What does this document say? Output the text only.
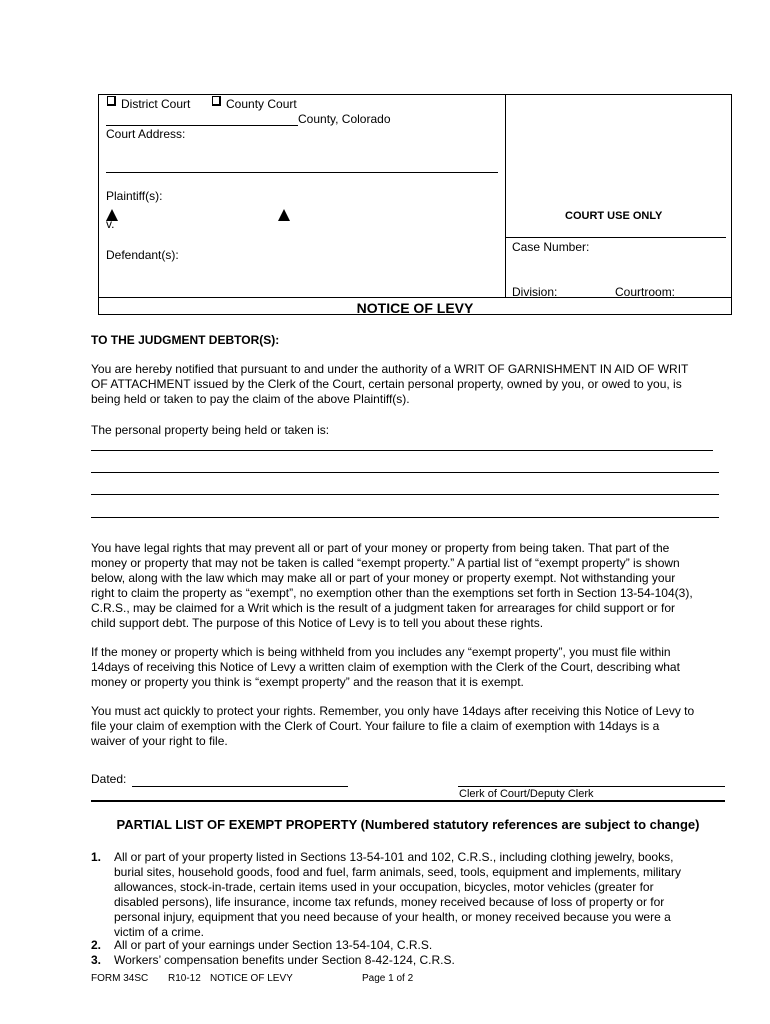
District Court	County Court
County, Colorado
Court Address:
Plaintiff(s):
v.
Defendant(s):
COURT USE ONLY
Case Number:
Division:	Courtroom:
NOTICE OF LEVY
TO THE JUDGMENT DEBTOR(S):
You are hereby notified that pursuant to and under the authority of a WRIT OF GARNISHMENT IN AID OF WRIT
OF ATTACHMENT issued by the Clerk of the Court, certain personal property, owned by you, or owed to you, is
being held or taken to pay the claim of the above Plaintiff(s).
The personal property being held or taken is:
You have legal rights that may prevent all or part of your money or property from being taken. That part of the
money or property that may not be taken is called “exempt property.” A partial list of “exempt property” is shown
below, along with the law which may make all or part of your money or property exempt. Not withstanding your
right to claim the property as “exempt”, no exemption other than the exemptions set forth in Section 13-54-104(3),
C.R.S., may be claimed for a Writ which is the result of a judgment taken for arrearages for child support or for
child support debt. The purpose of this Notice of Levy is to tell you about these rights.
If the money or property which is being withheld from you includes any “exempt property”, you must file within
14days of receiving this Notice of Levy a written claim of exemption with the Clerk of the Court, describing what
money or property you think is “exempt property” and the reason that it is exempt.
You must act quickly to protect your rights. Remember, you only have 14days after receiving this Notice of Levy to
file your claim of exemption with the Clerk of Court. Your failure to file a claim of exemption with 14days is a
waiver of your right to file.
Dated:
Clerk of Court/Deputy Clerk
PARTIAL LIST OF EXEMPT PROPERTY (Numbered statutory references are subject to change)
1. All or part of your property listed in Sections 13-54-101 and 102, C.R.S., including clothing jewelry, books,
burial sites, household goods, food and fuel, farm animals, seed, tools, equipment and implements, military
allowances, stock-in-trade, certain items used in your occupation, bicycles, motor vehicles (greater for
disabled persons), life insurance, income tax refunds, money received because of loss of property or for
personal injury, equipment that you need because of your health, or money received because you were a
victim of a crime.
2. All or part of your earnings under Section 13-54-104, C.R.S.
3. Workers’ compensation benefits under Section 8-42-124, C.R.S.
FORM 34SC R10-12 NOTICE OF LEVY	Page 1 of 2
